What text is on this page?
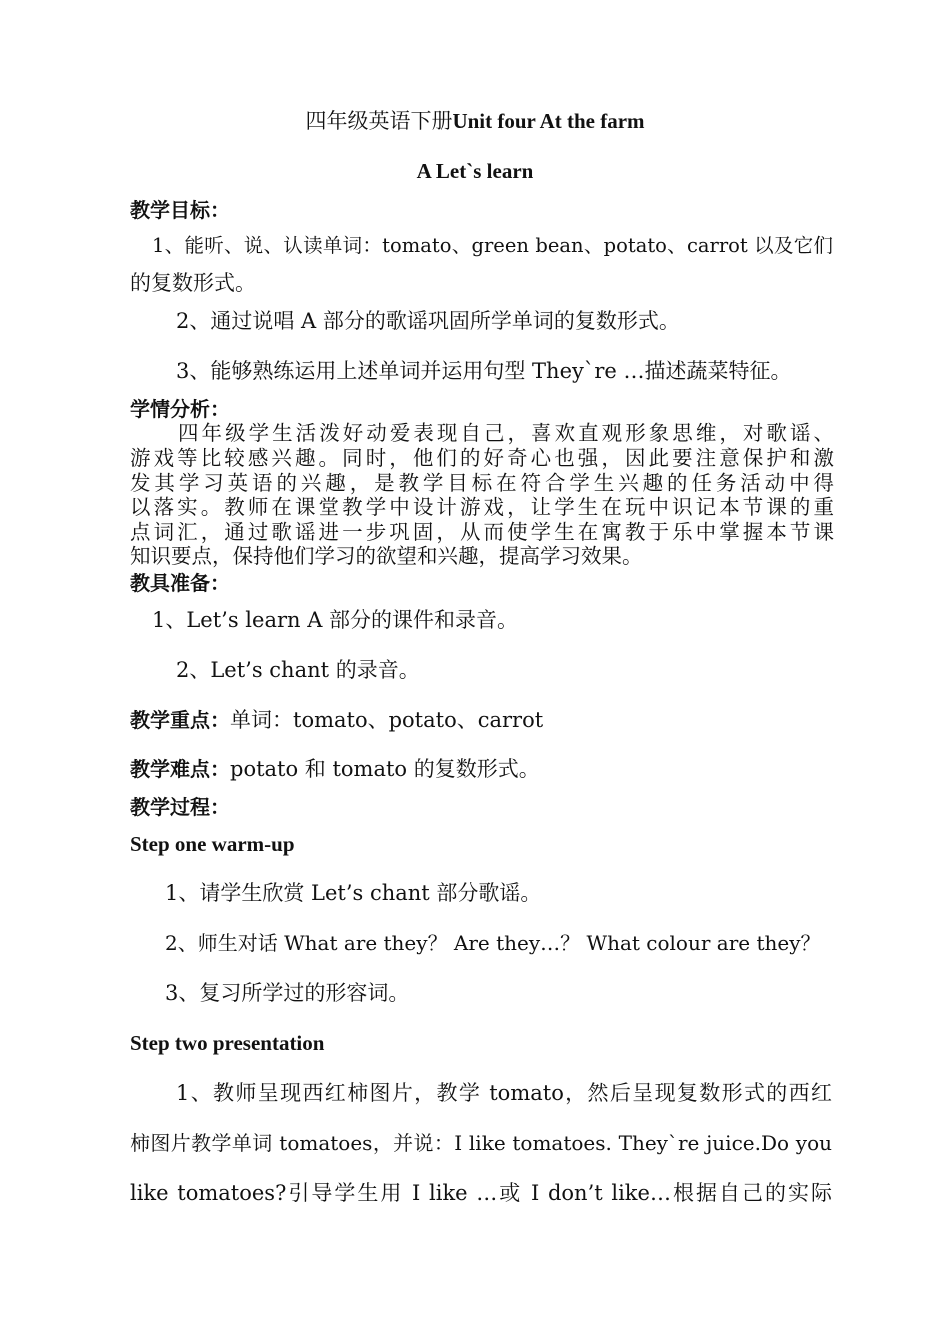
四年级英语下册Unit four At the farm
A Let`s learn
教学目标：
1、能听、说、认读单词：tomato、green bean、potato、carrot 以及它们
的复数形式。
2、通过说唱 A 部分的歌谣巩固所学单词的复数形式。
3、能够熟练运用上述单词并运用句型 They`re …描述蔬菜特征。
学情分析：
四年级学生活泼好动爱表现自己，喜欢直观形象思维，对歌谣、
游戏等比较感兴趣。同时，他们的好奇心也强，因此要注意保护和激
发其学习英语的兴趣，是教学目标在符合学生兴趣的任务活动中得
以落实。教师在课堂教学中设计游戏，让学生在玩中识记本节课的重
点词汇，通过歌谣进一步巩固，从而使学生在寓教于乐中掌握本节课
知识要点，保持他们学习的欲望和兴趣，提高学习效果。
教具准备：
1、Let’s learn A 部分的课件和录音。
2、Let’s chant 的录音。
教学重点：单词：tomato、potato、carrot
教学难点：potato 和 tomato 的复数形式。
教学过程：
Step one warm-up
1、请学生欣赏 Let’s chant 部分歌谣。
2、师生对话 What are they？ Are they…？ What colour are they？
3、复习所学过的形容词。
Step two presentation
1、教师呈现西红柿图片，教学 tomato，然后呈现复数形式的西红
柿图片教学单词 tomatoes，并说：I like tomatoes. They`re juice.Do you
like tomatoes?引导学生用 I like …或 I don’t like…根据自己的实际
